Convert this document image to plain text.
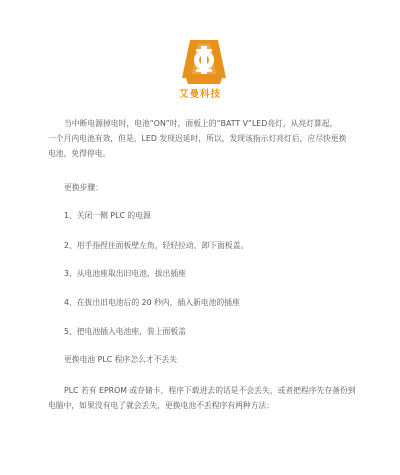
艾曼科技
当中断电源掉电时，电池“ON”时，面板上的“BATT V”LED亮灯，从亮灯算起，
一个月内电池有效，但是，LED 发现迟延时，所以，发现该指示灯亮灯后，应尽快更换
电池，免得停电。
更换步骤：
1、关闭一侧 PLC 的电源
2、用手指捏住面板壁左角，轻轻拉动，卸下面板盖。
3、从电池座取出旧电池，拔出插座
4、在拔出旧电池后的 20 秒内，插入新电池的插座
5、把电池插入电池座，装上面板盖
更换电池 PLC 程序怎么才不丢失
PLC 若有 EPROM 或存储卡，程序下载进去的话是不会丢失，或者把程序先存备份到
电脑中，如果没有电了就会丢失，更换电池不丢程序有两种方法：
